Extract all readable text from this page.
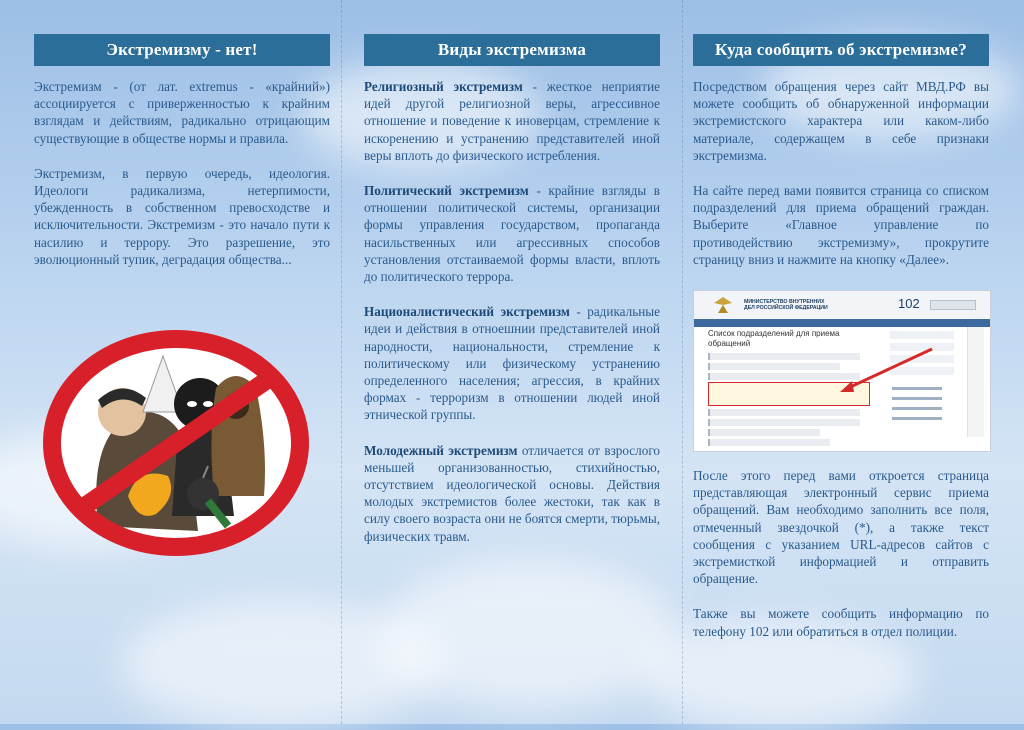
Экстремизму - нет!

Экстремизм - (от лат. extremus - «крайний») ассоциируется с приверженностью к крайним взглядам и действиям, радикально отрицающим существующие в обществе нормы и правила.

Экстремизм, в первую очередь, идеология. Идеологи радикализма, нетерпимости, убежденность в собственном превосходстве и исключительности. Экстремизм - это начало пути к насилию и террору. Это разрешение, это эволюционный тупик, деградация общества...

Виды экстремизма

Религиозный экстремизм - жесткое неприятие идей другой религиозной веры, агрессивное отношение и поведение к иноверцам, стремление к искоренению и устранению представителей иной веры вплоть до физического истребления.

Политический экстремизм - крайние взгляды в отношении политической системы, организации формы управления государством, пропаганда насильственных или агрессивных способов установления отстаиваемой формы власти, вплоть до политического террора.

Националистический экстремизм - радикальные идеи и действия в отноешнии представителей иной народности, национальности, стремление к политическому или физическому устранению определенного населения; агрессия, в крайних формах - терроризм в отношении людей иной этнической группы.

Молодежный экстремизм отличается от взрослого меньшей организованностью, стихийностью, отсутствием идеологической основы. Действия молодых экстремистов более жестоки, так как в силу своего возраста они не боятся смерти, тюрьмы, физических травм.

Куда сообщить об экстремизме?

Посредством обращения через сайт МВД.РФ вы можете сообщить об обнаруженной информации экстремистского характера или каком-либо материале, содержащем в себе признаки экстремизма.

На сайте перед вами появится страница со списком подразделений для приема обращений граждан. Выберите «Главное управление по противодействию экстремизму», прокрутите страницу вниз и нажмите на кнопку «Далее».

МИНИСТЕРСТВО ВНУТРЕННИХ ДЕЛ РОССИЙСКОЙ ФЕДЕРАЦИИ	102
Список подразделений для приема обращений

После этого перед вами откроется страница представляющая электронный сервис приема обращений. Вам необходимо заполнить все поля, отмеченный звездочкой (*), а также текст сообщения с указанием URL-адресов сайтов с экстремисткой информацией и отправить обращение.

Также вы можете сообщить информацию по телефону 102 или обратиться в отдел полиции.
